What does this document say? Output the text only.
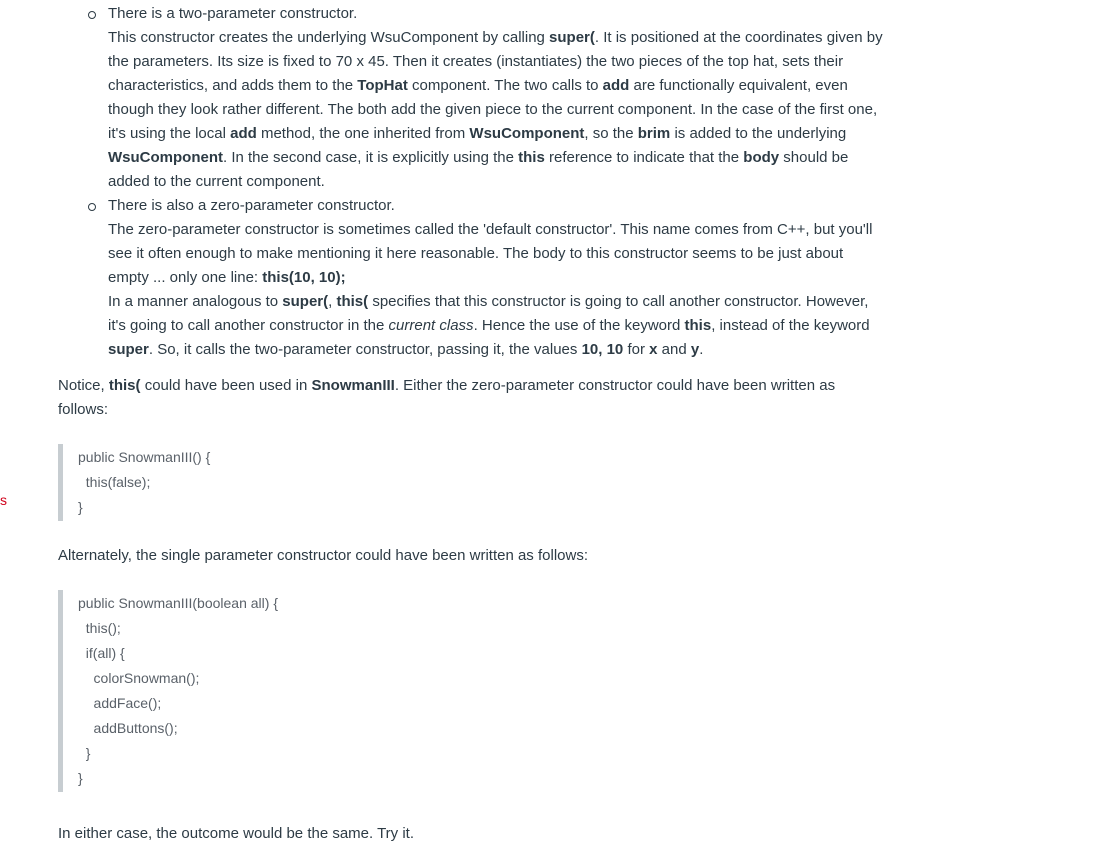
s
There is a two-parameter constructor.
This constructor creates the underlying WsuComponent by calling super(. It is positioned at the coordinates given by the parameters. Its size is fixed to 70 x 45. Then it creates (instantiates) the two pieces of the top hat, sets their characteristics, and adds them to the TopHat component. The two calls to add are functionally equivalent, even though they look rather different. The both add the given piece to the current component. In the case of the first one, it's using the local add method, the one inherited from WsuComponent, so the brim is added to the underlying WsuComponent. In the second case, it is explicitly using the this reference to indicate that the body should be added to the current component.
There is also a zero-parameter constructor.
The zero-parameter constructor is sometimes called the 'default constructor'. This name comes from C++, but you'll see it often enough to make mentioning it here reasonable. The body to this constructor seems to be just about empty ... only one line: this(10, 10);
In a manner analogous to super(, this( specifies that this constructor is going to call another constructor. However, it's going to call another constructor in the current class. Hence the use of the keyword this, instead of the keyword super. So, it calls the two-parameter constructor, passing it, the values 10, 10 for x and y.

Notice, this( could have been used in SnowmanIII. Either the zero-parameter constructor could have been written as follows:

public SnowmanIII() {
this(false);
}

Alternately, the single parameter constructor could have been written as follows:

public SnowmanIII(boolean all) {
this();
if(all) {
colorSnowman();
addFace();
addButtons();
}
}

In either case, the outcome would be the same. Try it.
